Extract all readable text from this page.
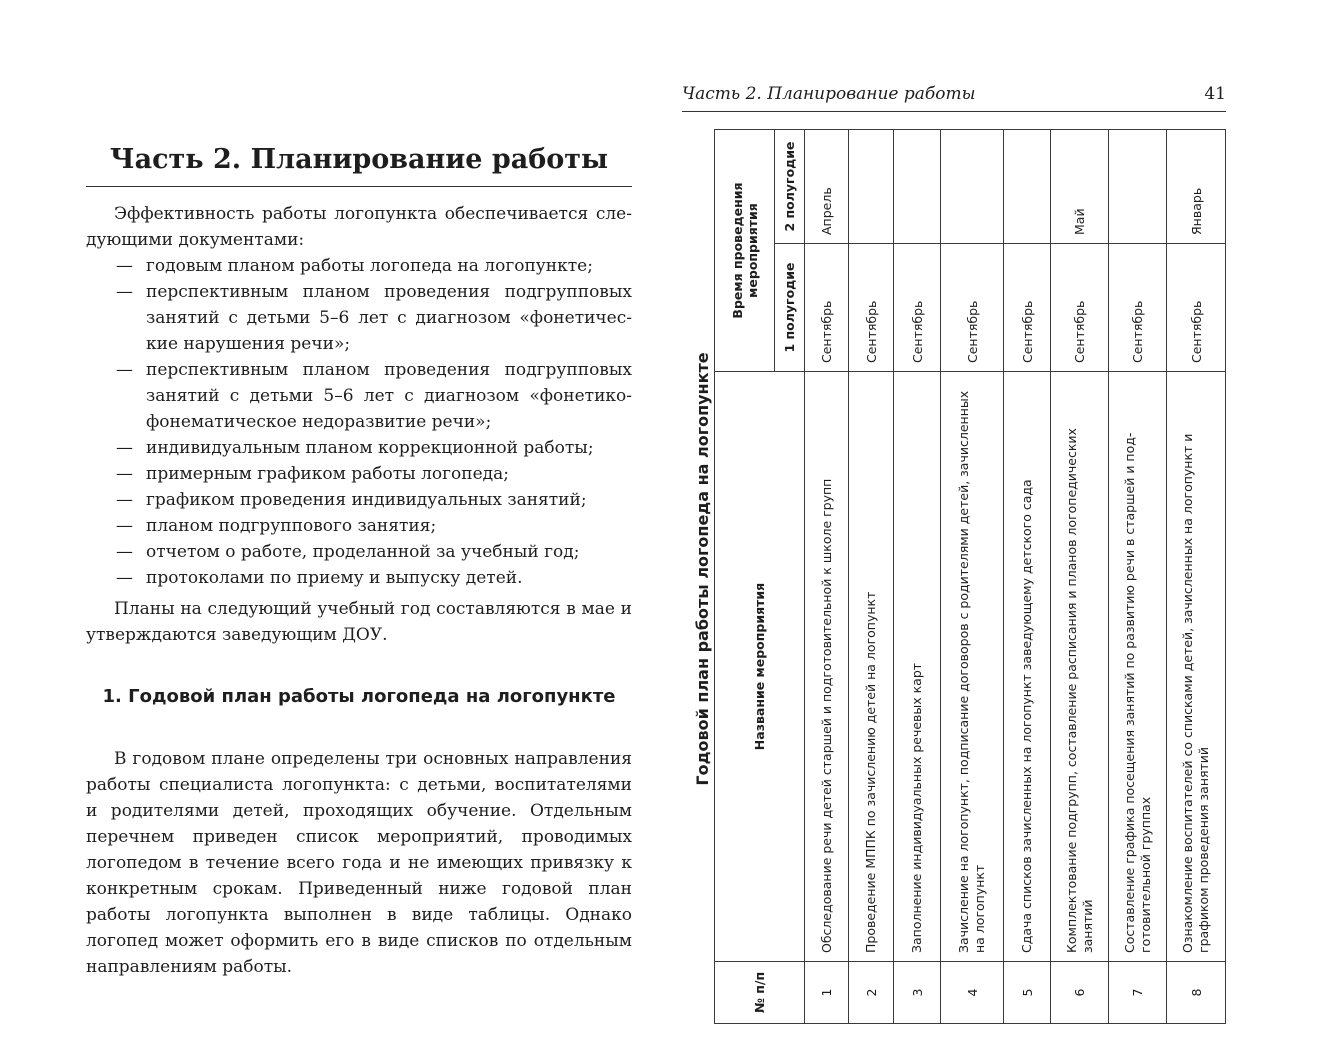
Часть 2. Планирование работы

Эффективность работы логопункта обеспечивается следующими документами:

— годовым планом работы логопеда на логопункте;
— перспективным планом проведения подгрупповых занятий с детьми 5–6 лет с диагнозом «фонетические нарушения речи»;
— перспективным планом проведения подгрупповых занятий с детьми 5–6 лет с диагнозом «фонетико-фонематическое недоразвитие речи»;
— индивидуальным планом коррекционной работы;
— примерным графиком работы логопеда;
— графиком проведения индивидуальных занятий;
— планом подгруппового занятия;
— отчетом о работе, проделанной за учебный год;
— протоколами по приему и выпуску детей.

Планы на следующий учебный год составляются в мае и утверждаются заведующим ДОУ.

1. Годовой план работы логопеда на логопункте

В годовом плане определены три основных направления работы специалиста логопункта: с детьми, воспитателями и родителями детей, проходящих обучение. Отдельным перечнем приведен список мероприятий, проводимых логопедом в течение всего года и не имеющих привязку к конкретным срокам. Приведенный ниже годовой план работы логопункта выполнен в виде таблицы. Однако логопед может оформить его в виде списков по отдельным направлениям работы.

Часть 2. Планирование работы	41
Годовой план работы логопеда на логопункте
№ п/п	Название мероприятия	Время проведения мероприятия	
		1 полугодие	2 полугодие
1	Обследование речи детей старшей и подготовительной к школе групп	Сентябрь	Апрель
2	Проведение МППК по зачислению детей на логопункт	Сентябрь	
3	Заполнение индивидуальных речевых карт	Сентябрь	
4	Зачисление на логопункт, подписание договоров с родителями детей, зачисленных на логопункт	Сентябрь	
5	Сдача списков зачисленных на логопункт заведующему детского сада	Сентябрь	
6	Комплектование подгрупп, составление расписания и планов логопедических занятий	Сентябрь	Май
7	Составление графика посещения занятий по развитию речи в старшей и подготовительной группах	Сентябрь	
8	Ознакомление воспитателей со списками детей, зачисленных на логопункт и графиком проведения занятий	Сентябрь	Январь
